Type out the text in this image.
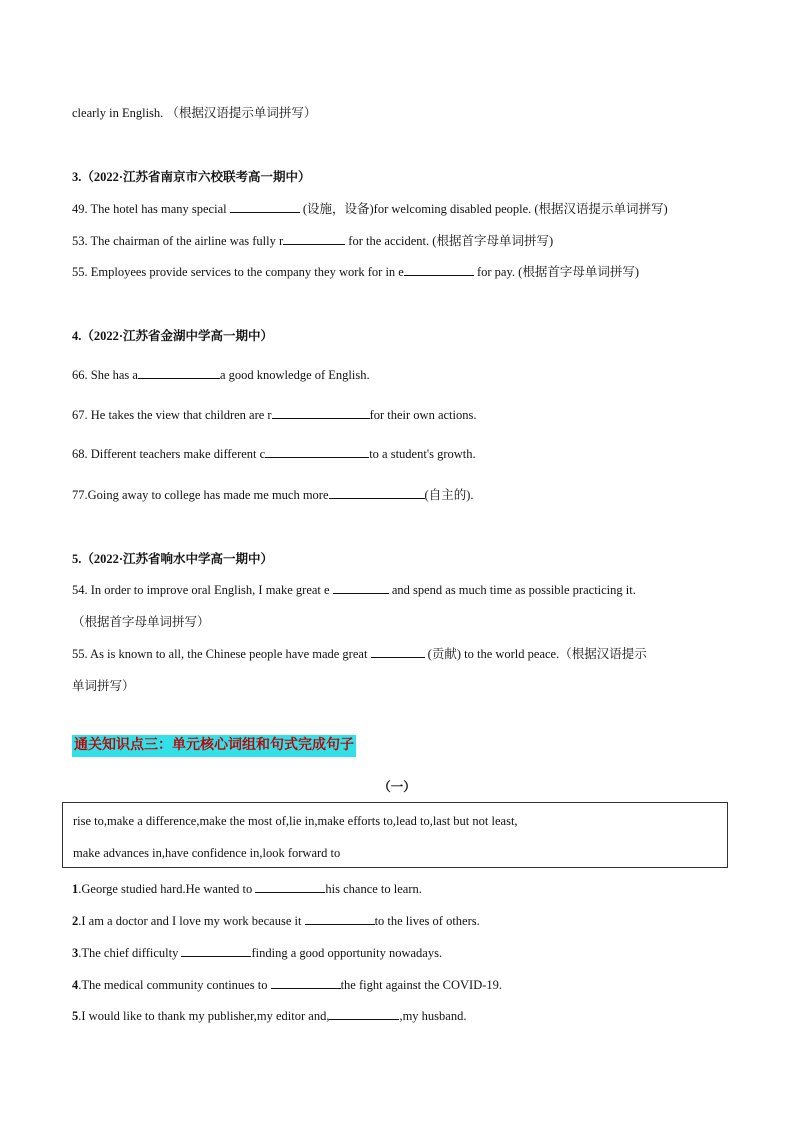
clearly in English. （根据汉语提示单词拼写）
3.（2022·江苏省南京市六校联考高一期中）
49. The hotel has many special	(设施，设备)for welcoming disabled people. (根据汉语提示单词拼写)
53. The chairman of the airline was fully r	for the accident. (根据首字母单词拼写)
55. Employees provide services to the company they work for in e	for pay. (根据首字母单词拼写)
4.（2022·江苏省金湖中学高一期中）
66. She has a	a good knowledge of English.
67. He takes the view that children are r	for their own actions.
68. Different teachers make different c	to a student's growth.
77.Going away to college has made me much more	(自主的).
5.（2022·江苏省响水中学高一期中）
54. In order to improve oral English, I make great e	and spend as much time as possible practicing it.
（根据首字母单词拼写）
55. As is known to all, the Chinese people have made great	(贡献) to the world peace.（根据汉语提示
单词拼写）
通关知识点三：单元核心词组和句式完成句子
（一）
rise to,make a difference,make the most of,lie in,make efforts to,lead to,last but not least,
make advances in,have confidence in,look forward to
1.George studied hard.He wanted to	his chance to learn.
2.I am a doctor and I love my work because it	to the lives of others.
3.The chief difficulty	finding a good opportunity nowadays.
4.The medical community continues to	the fight against the COVID-19.
5.I would like to thank my publisher,my editor and,	,my husband.
